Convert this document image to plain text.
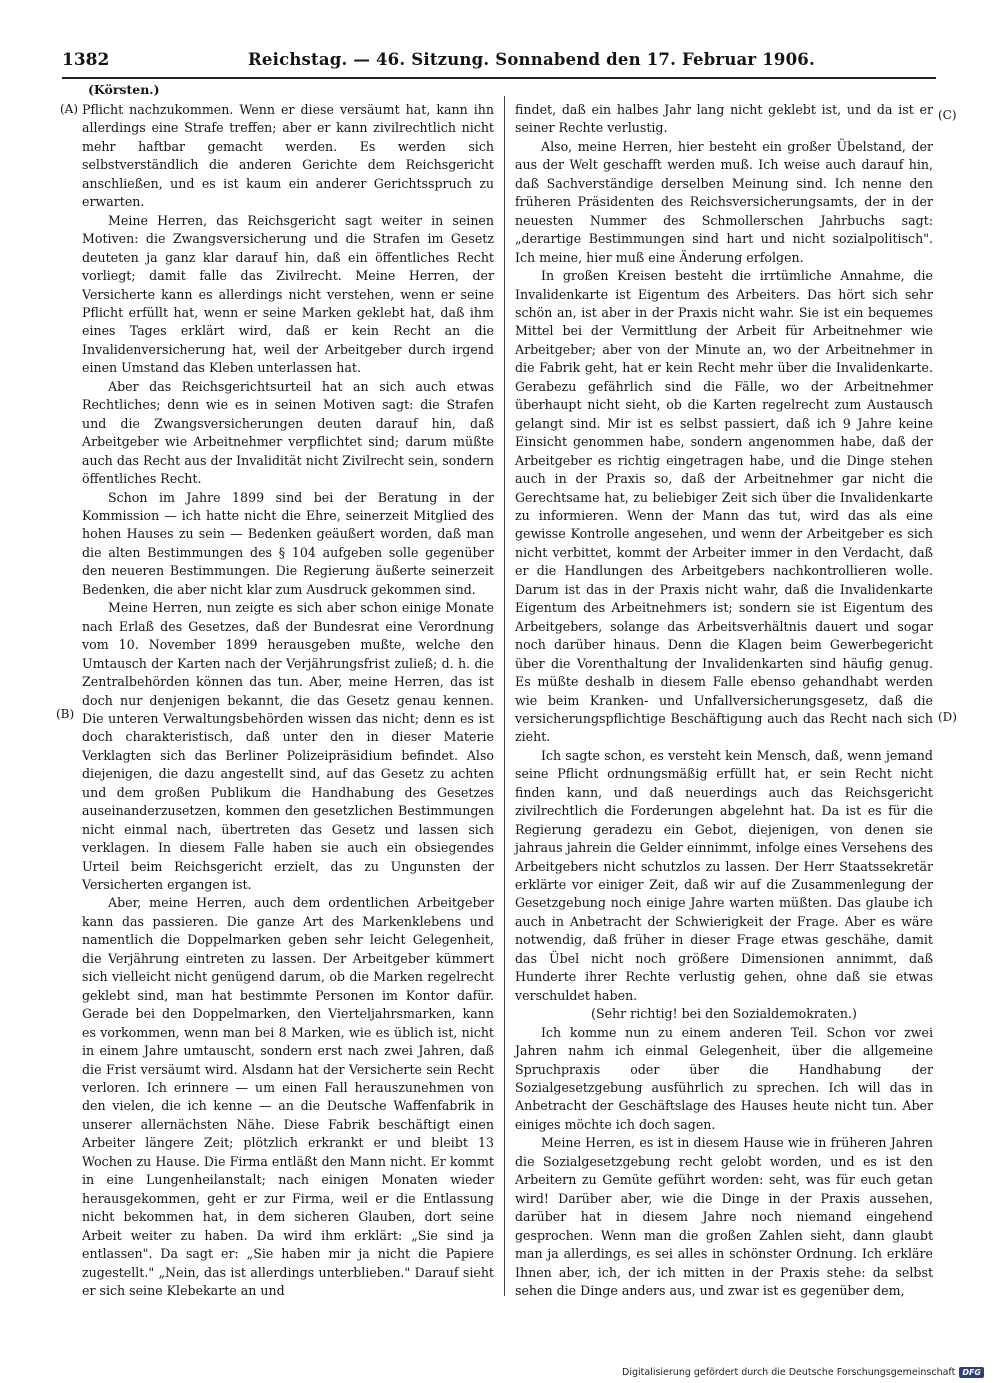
1382	Reichstag. — 46. Sitzung. Sonnabend den 17. Februar 1906.
(Körsten.)
(A)
(B)
(C)
(D)

Pflicht nachzukommen. Wenn er diese versäumt hat, kann ihn allerdings eine Strafe treffen; aber er kann zivilrechtlich nicht mehr haftbar gemacht werden. Es werden sich selbstverständlich die anderen Gerichte dem Reichsgericht anschließen, und es ist kaum ein anderer Gerichtsspruch zu erwarten.

Meine Herren, das Reichsgericht sagt weiter in seinen Motiven: die Zwangsversicherung und die Strafen im Gesetz deuteten ja ganz klar darauf hin, daß ein öffentliches Recht vorliegt; damit falle das Zivilrecht. Meine Herren, der Versicherte kann es allerdings nicht verstehen, wenn er seine Pflicht erfüllt hat, wenn er seine Marken geklebt hat, daß ihm eines Tages erklärt wird, daß er kein Recht an die Invalidenversicherung hat, weil der Arbeitgeber durch irgend einen Umstand das Kleben unterlassen hat.

Aber das Reichsgerichtsurteil hat an sich auch etwas Rechtliches; denn wie es in seinen Motiven sagt: die Strafen und die Zwangsversicherungen deuten darauf hin, daß Arbeitgeber wie Arbeitnehmer verpflichtet sind; darum müßte auch das Recht aus der Invalidität nicht Zivilrecht sein, sondern öffentliches Recht.

Schon im Jahre 1899 sind bei der Beratung in der Kommission — ich hatte nicht die Ehre, seinerzeit Mitglied des hohen Hauses zu sein — Bedenken geäußert worden, daß man die alten Bestimmungen des § 104 aufgeben solle gegenüber den neueren Bestimmungen. Die Regierung äußerte seinerzeit Bedenken, die aber nicht klar zum Ausdruck gekommen sind.

Meine Herren, nun zeigte es sich aber schon einige Monate nach Erlaß des Gesetzes, daß der Bundesrat eine Verordnung vom 10. November 1899 herausgeben mußte, welche den Umtausch der Karten nach der Verjährungsfrist zuließ; d. h. die Zentralbehörden können das tun. Aber, meine Herren, das ist doch nur denjenigen bekannt, die das Gesetz genau kennen. Die unteren Verwaltungsbehörden wissen das nicht; denn es ist doch charakteristisch, daß unter den in dieser Materie Verklagten sich das Berliner Polizeipräsidium befindet. Also diejenigen, die dazu angestellt sind, auf das Gesetz zu achten und dem großen Publikum die Handhabung des Gesetzes auseinanderzusetzen, kommen den gesetzlichen Bestimmungen nicht einmal nach, übertreten das Gesetz und lassen sich verklagen. In diesem Falle haben sie auch ein obsiegendes Urteil beim Reichsgericht erzielt, das zu Ungunsten der Versicherten ergangen ist.

Aber, meine Herren, auch dem ordentlichen Arbeitgeber kann das passieren. Die ganze Art des Markenklebens und namentlich die Doppelmarken geben sehr leicht Gelegenheit, die Verjährung eintreten zu lassen. Der Arbeitgeber kümmert sich vielleicht nicht genügend darum, ob die Marken regelrecht geklebt sind, man hat bestimmte Personen im Kontor dafür. Gerade bei den Doppelmarken, den Vierteljahrsmarken, kann es vorkommen, wenn man bei 8 Marken, wie es üblich ist, nicht in einem Jahre umtauscht, sondern erst nach zwei Jahren, daß die Frist versäumt wird. Alsdann hat der Versicherte sein Recht verloren. Ich erinnere — um einen Fall herauszunehmen von den vielen, die ich kenne — an die Deutsche Waffenfabrik in unserer allernächsten Nähe. Diese Fabrik beschäftigt einen Arbeiter längere Zeit; plötzlich erkrankt er und bleibt 13 Wochen zu Hause. Die Firma entläßt den Mann nicht. Er kommt in eine Lungenheilanstalt; nach einigen Monaten wieder herausgekommen, geht er zur Firma, weil er die Entlassung nicht bekommen hat, in dem sicheren Glauben, dort seine Arbeit weiter zu haben. Da wird ihm erklärt: „Sie sind ja entlassen". Da sagt er: „Sie haben mir ja nicht die Papiere zugestellt." „Nein, das ist allerdings unterblieben." Darauf sieht er sich seine Klebekarte an und

findet, daß ein halbes Jahr lang nicht geklebt ist, und da ist er seiner Rechte verlustig.

Also, meine Herren, hier besteht ein großer Übelstand, der aus der Welt geschafft werden muß. Ich weise auch darauf hin, daß Sachverständige derselben Meinung sind. Ich nenne den früheren Präsidenten des Reichsversicherungsamts, der in der neuesten Nummer des Schmollerschen Jahrbuchs sagt: „derartige Bestimmungen sind hart und nicht sozialpolitisch". Ich meine, hier muß eine Änderung erfolgen.

In großen Kreisen besteht die irrtümliche Annahme, die Invalidenkarte ist Eigentum des Arbeiters. Das hört sich sehr schön an, ist aber in der Praxis nicht wahr. Sie ist ein bequemes Mittel bei der Vermittlung der Arbeit für Arbeitnehmer wie Arbeitgeber; aber von der Minute an, wo der Arbeitnehmer in die Fabrik geht, hat er kein Recht mehr über die Invalidenkarte. Gerabezu gefährlich sind die Fälle, wo der Arbeitnehmer überhaupt nicht sieht, ob die Karten regelrecht zum Austausch gelangt sind. Mir ist es selbst passiert, daß ich 9 Jahre keine Einsicht genommen habe, sondern angenommen habe, daß der Arbeitgeber es richtig eingetragen habe, und die Dinge stehen auch in der Praxis so, daß der Arbeitnehmer gar nicht die Gerechtsame hat, zu beliebiger Zeit sich über die Invalidenkarte zu informieren. Wenn der Mann das tut, wird das als eine gewisse Kontrolle angesehen, und wenn der Arbeitgeber es sich nicht verbittet, kommt der Arbeiter immer in den Verdacht, daß er die Handlungen des Arbeitgebers nachkontrollieren wolle. Darum ist das in der Praxis nicht wahr, daß die Invalidenkarte Eigentum des Arbeitnehmers ist; sondern sie ist Eigentum des Arbeitgebers, solange das Arbeitsverhältnis dauert und sogar noch darüber hinaus. Denn die Klagen beim Gewerbegericht über die Vorenthaltung der Invalidenkarten sind häufig genug. Es müßte deshalb in diesem Falle ebenso gehandhabt werden wie beim Kranken- und Unfallversicherungsgesetz, daß die versicherungspflichtige Beschäftigung auch das Recht nach sich zieht.

Ich sagte schon, es versteht kein Mensch, daß, wenn jemand seine Pflicht ordnungsmäßig erfüllt hat, er sein Recht nicht finden kann, und daß neuerdings auch das Reichsgericht zivilrechtlich die Forderungen abgelehnt hat. Da ist es für die Regierung geradezu ein Gebot, diejenigen, von denen sie jahraus jahrein die Gelder einnimmt, infolge eines Versehens des Arbeitgebers nicht schutzlos zu lassen. Der Herr Staatssekretär erklärte vor einiger Zeit, daß wir auf die Zusammenlegung der Gesetzgebung noch einige Jahre warten müßten. Das glaube ich auch in Anbetracht der Schwierigkeit der Frage. Aber es wäre notwendig, daß früher in dieser Frage etwas geschähe, damit das Übel nicht noch größere Dimensionen annimmt, daß Hunderte ihrer Rechte verlustig gehen, ohne daß sie etwas verschuldet haben.

(Sehr richtig! bei den Sozialdemokraten.)

Ich komme nun zu einem anderen Teil. Schon vor zwei Jahren nahm ich einmal Gelegenheit, über die allgemeine Spruchpraxis oder über die Handhabung der Sozialgesetzgebung ausführlich zu sprechen. Ich will das in Anbetracht der Geschäftslage des Hauses heute nicht tun. Aber einiges möchte ich doch sagen.

Meine Herren, es ist in diesem Hause wie in früheren Jahren die Sozialgesetzgebung recht gelobt worden, und es ist den Arbeitern zu Gemüte geführt worden: seht, was für euch getan wird! Darüber aber, wie die Dinge in der Praxis aussehen, darüber hat in diesem Jahre noch niemand eingehend gesprochen. Wenn man die großen Zahlen sieht, dann glaubt man ja allerdings, es sei alles in schönster Ordnung. Ich erkläre Ihnen aber, ich, der ich mitten in der Praxis stehe: da selbst sehen die Dinge anders aus, und zwar ist es gegenüber dem,

Digitalisierung gefördert durch die Deutsche Forschungsgemeinschaft DFG
